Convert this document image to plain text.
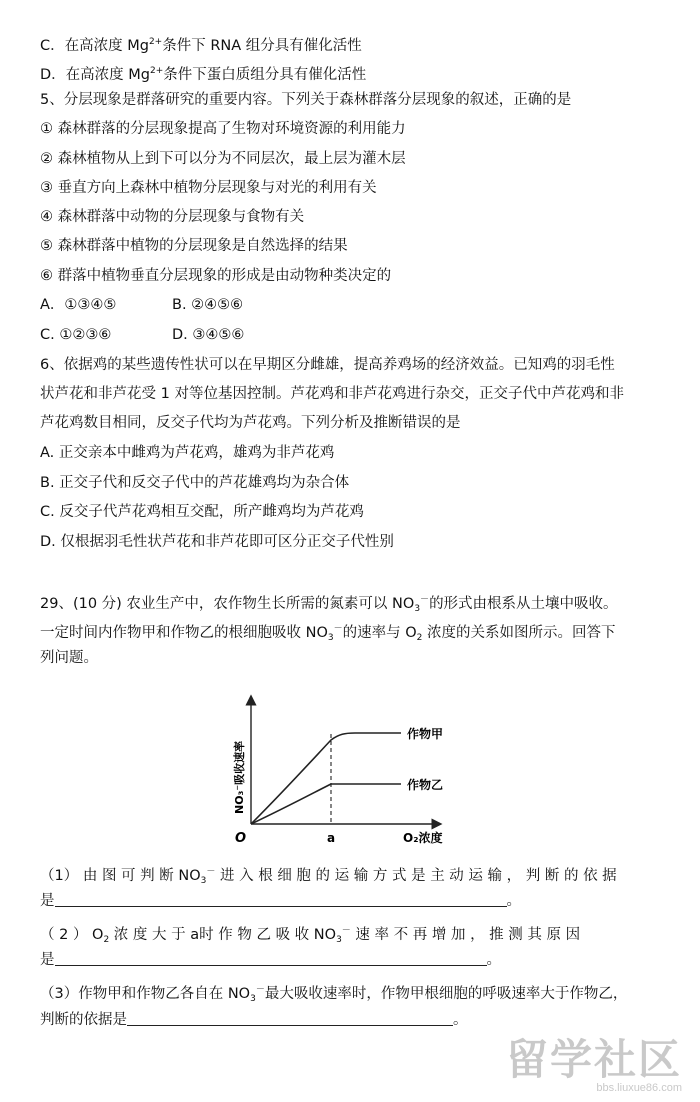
C．在高浓度 $Mg^{2+}$条件下 RNA 组分具有催化活性
D．在高浓度 $Mg^{2+}$条件下蛋白质组分具有催化活性
5、分层现象是群落研究的重要内容。下列关于森林群落分层现象的叙述，正确的是
① 森林群落的分层现象提高了生物对环境资源的利用能力
② 森林植物从上到下可以分为不同层次，最上层为灌木层
③ 垂直方向上森林中植物分层现象与对光的利用有关
④ 森林群落中动物的分层现象与食物有关
⑤ 森林群落中植物的分层现象是自然选择的结果
⑥ 群落中植物垂直分层现象的形成是由动物种类决定的
A．①③④⑤	B. ②④⑤⑥
C. ①②③⑥	D. ③④⑤⑥
6、依据鸡的某些遗传性状可以在早期区分雌雄，提高养鸡场的经济效益。已知鸡的羽毛性
状芦花和非芦花受 1 对等位基因控制。芦花鸡和非芦花鸡进行杂交，正交子代中芦花鸡和非
芦花鸡数目相同，反交子代均为芦花鸡。下列分析及推断错误的是
A. 正交亲本中雌鸡为芦花鸡，雄鸡为非芦花鸡
B. 正交子代和反交子代中的芦花雄鸡均为杂合体
C. 反交子代芦花鸡相互交配，所产雌鸡均为芦花鸡
D. 仅根据羽毛性状芦花和非芦花即可区分正交子代性别
29、(10 分) 农业生产中，农作物生长所需的氮素可以 $NO_3^-$的形式由根系从土壤中吸收。
一定时间内作物甲和作物乙的根细胞吸收 $NO_3^-$的速率与 $O_2$ 浓度的关系如图所示。回答下
列问题。
O	a	O₂浓度
NO₃⁻吸收速率
作物甲
作物乙
（1） 由 图 可 判 断 $NO_3^-$ 进 入 根 细 胞 的 运 输 方 式 是 主 动 运 输 ， 判 断 的 依 据
是	。
（ 2 ） $O_2$ 浓 度 大 于 a时 作 物 乙 吸 收 $NO_3^-$ 速 率 不 再 增 加 ， 推 测 其 原 因
是	。
（3）作物甲和作物乙各自在 $NO_3^-$最大吸收速率时，作物甲根细胞的呼吸速率大于作物乙，
判断的依据是	。
留学社区
bbs.liuxue86.com
